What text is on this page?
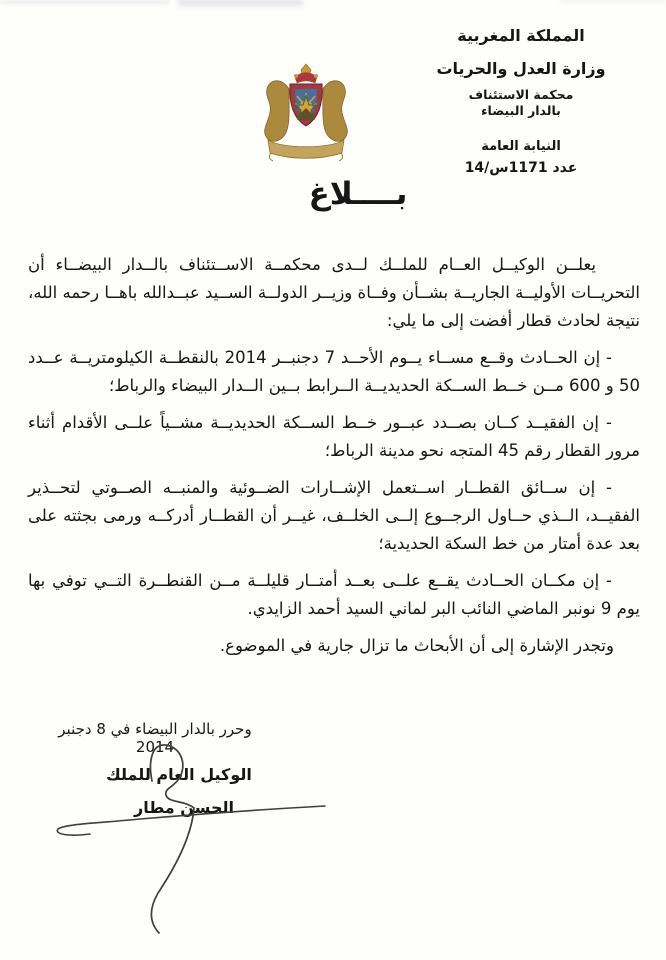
المملكة المغربية
وزارة العدل والحريات
محكمة الاستئناف
بالدار البيضاء
النيابة العامة
عدد 1171س/14
بــــلاغ

يعلــن الوكيــل العــام للملــك لــدى محكمــة الاســتئناف بالــدار البيضــاء أن التحريــات الأوليــة الجاريــة بشــأن وفــاة وزيــر الدولــة الســيد عبــدالله باهــا رحمه الله، نتيجة لحادث قطار أفضت إلى ما يلي:

- إن الحــادث وقــع مســاء يــوم الأحــد 7 دجنبــر 2014 بالنقطــة الكيلومتريــة عــدد 50 و 600 مــن خــط الســكة الحديديــة الــرابط بــين الــدار البيضاء والرباط؛

- إن الفقيــد كــان بصــدد عبــور خــط الســكة الحديديــة مشــياً علــى الأقدام أثناء مرور القطار رقم 45 المتجه نحو مدينة الرباط؛

- إن ســائق القطــار اســتعمل الإشــارات الضــوئية والمنبــه الصــوتي لتحــذير الفقيــد، الــذي حــاول الرجــوع إلــى الخلــف، غيــر أن القطــار أدركــه ورمى بجثته على بعد عدة أمتار من خط السكة الحديدية؛

- إن مكــان الحــادث يقــع علــى بعــد أمتــار قليلــة مــن القنطــرة التــي توفي بها يوم 9 نونبر الماضي النائب البر لماني السيد أحمد الزايدي.

وتجدر الإشارة إلى أن الأبحاث ما تزال جارية في الموضوع.

وحرر بالدار البيضاء في 8 دجنبر 2014
الوكيل العام للملك
الحسن مطار
